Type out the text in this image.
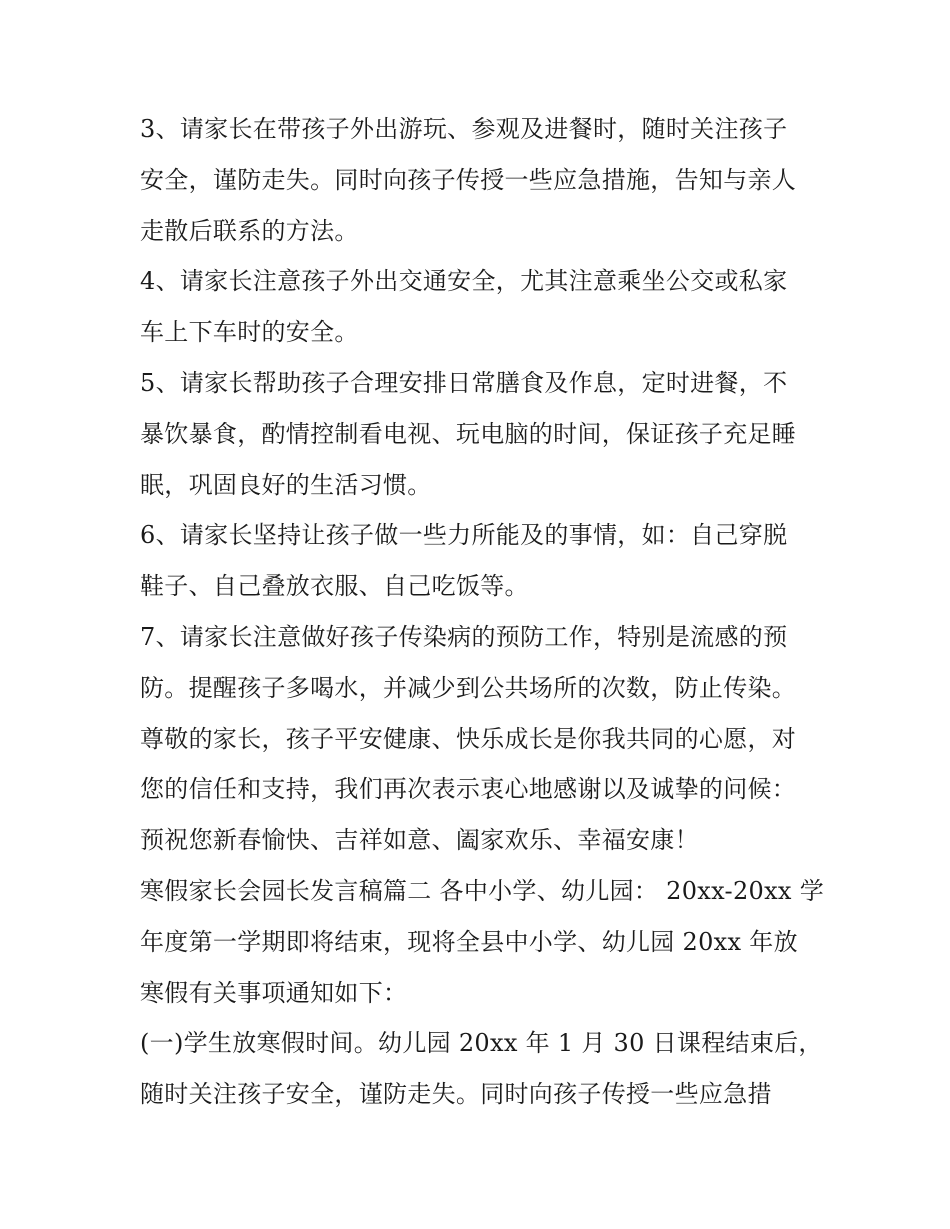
3、请家长在带孩子外出游玩、参观及进餐时，随时关注孩子
安全，谨防走失。同时向孩子传授一些应急措施，告知与亲人
走散后联系的方法。
4、请家长注意孩子外出交通安全，尤其注意乘坐公交或私家
车上下车时的安全。
5、请家长帮助孩子合理安排日常膳食及作息，定时进餐，不
暴饮暴食，酌情控制看电视、玩电脑的时间，保证孩子充足睡
眠，巩固良好的生活习惯。
6、请家长坚持让孩子做一些力所能及的事情，如：自己穿脱
鞋子、自己叠放衣服、自己吃饭等。
7、请家长注意做好孩子传染病的预防工作，特别是流感的预
防。提醒孩子多喝水，并减少到公共场所的次数，防止传染。
尊敬的家长，孩子平安健康、快乐成长是你我共同的心愿，对
您的信任和支持，我们再次表示衷心地感谢以及诚挚的问候：
预祝您新春愉快、吉祥如意、阖家欢乐、幸福安康！
寒假家长会园长发言稿篇二 各中小学、幼儿园： 20xx-20xx 学
年度第一学期即将结束，现将全县中小学、幼儿园 20xx 年放
寒假有关事项通知如下：
(一)学生放寒假时间。幼儿园 20xx 年 1 月 30 日课程结束后，
随时关注孩子安全，谨防走失。同时向孩子传授一些应急措
